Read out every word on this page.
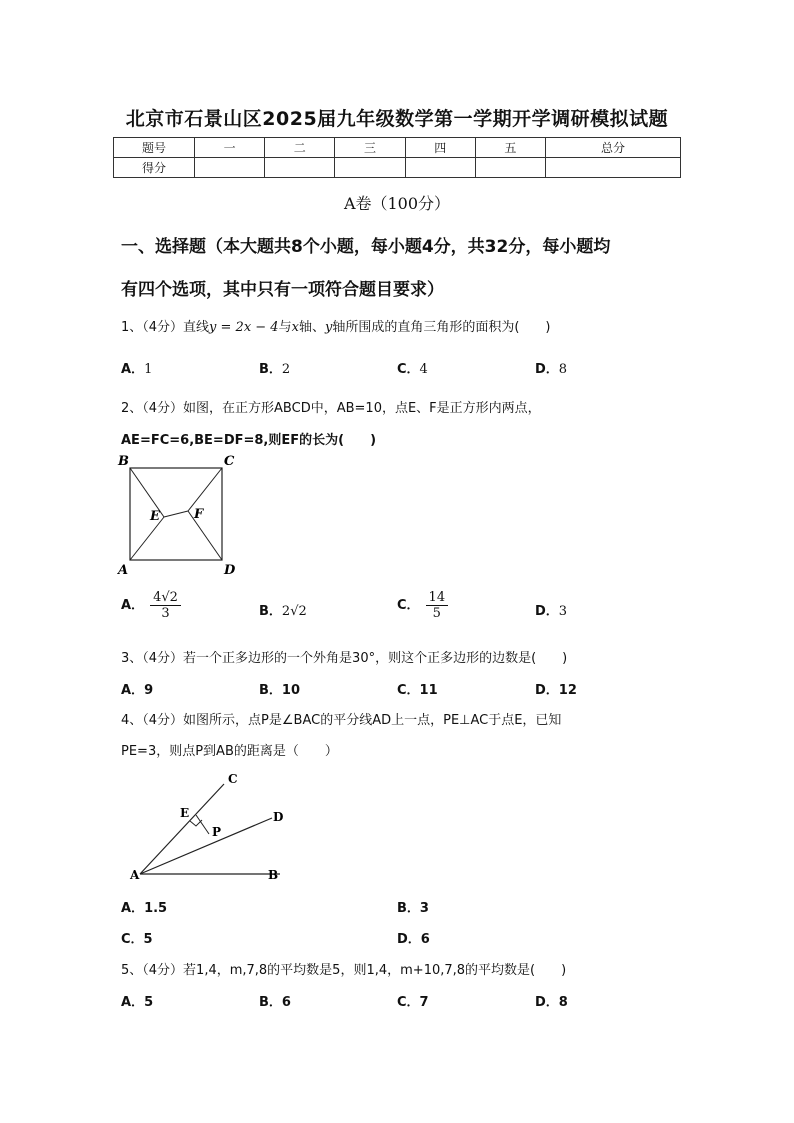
北京市石景山区2025届九年级数学第一学期开学调研模拟试题
题号	一	二	三	四	五	总分
得分						
A卷（100分）
一、选择题（本大题共8个小题，每小题4分，共32分，每小题均
有四个选项，其中只有一项符合题目要求）
1、（4分）直线y = 2x − 4与x轴、y轴所围成的直角三角形的面积为(　　)
A．1	B．2	C．4	D．8
2、（4分）如图，在正方形ABCD中，AB=10，点E、F是正方形内两点，
AE=FC=6,BE=DF=8,则EF的长为(　　)
B	C
A	D
E	F
A． $\frac{4√2}{3}$	B．2√2	C． $\frac{14}{5}$	D．3
3、（4分）若一个正多边形的一个外角是30°，则这个正多边形的边数是(　　)
A．9	B．10	C．11	D．12
4、（4分）如图所示，点P是∠BAC的平分线AD上一点，PE⊥AC于点E，已知
PE=3，则点P到AB的距离是（　　）
A	B
C
D
E
P
A．1.5	B．3
C．5	D．6
5、（4分）若1,4，m,7,8的平均数是5，则1,4，m+10,7,8的平均数是(　　)
A．5	B．6	C．7	D．8
